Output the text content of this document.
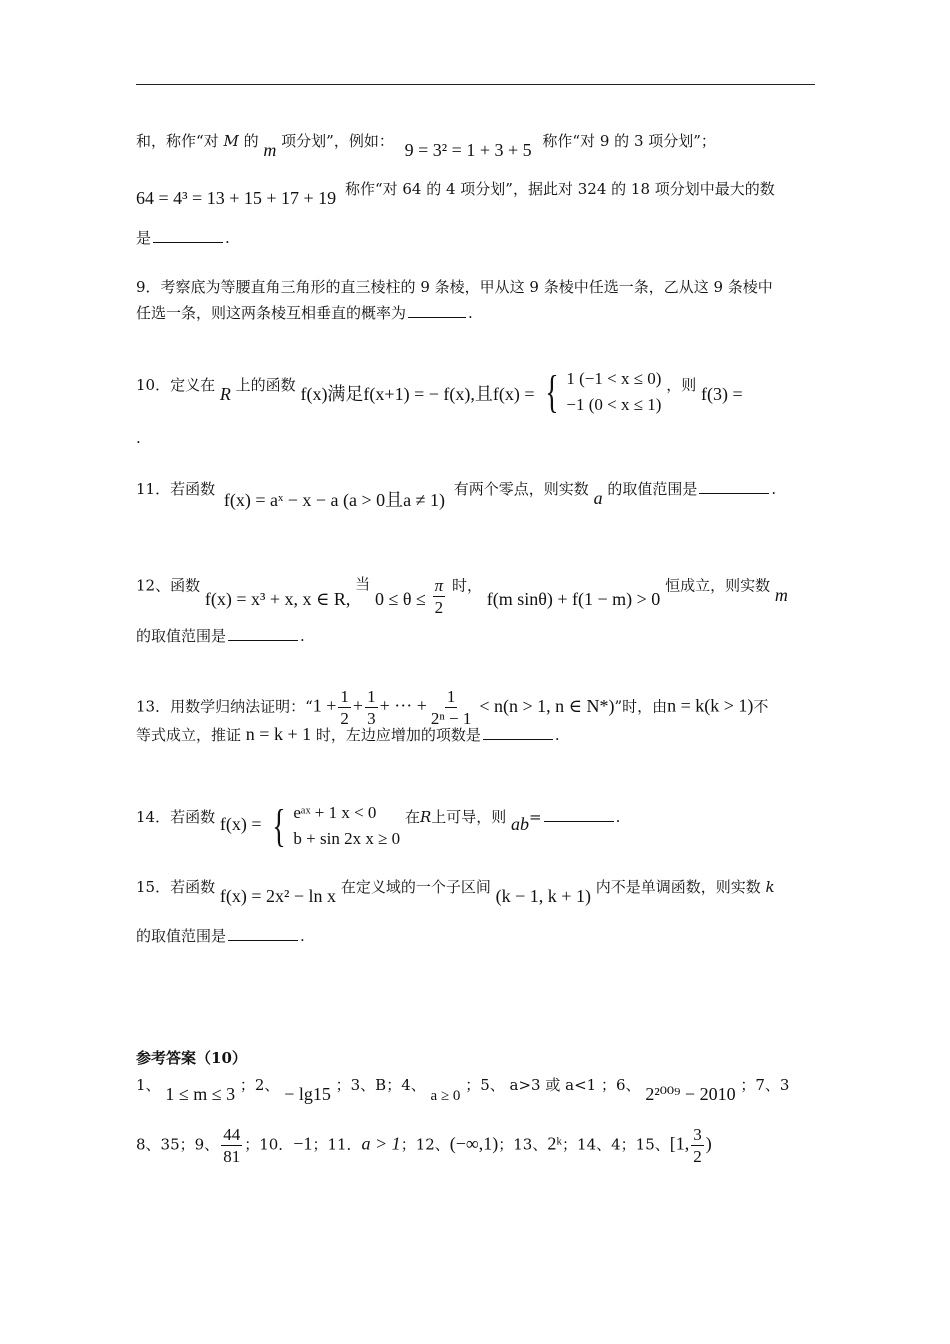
和，称作“对 M 的 m 项分划”，例如： 9 = 3² = 1 + 3 + 5 称作“对 9 的 3 项分划”；
64 = 4³ = 13 + 15 + 17 + 19 称作“对 64 的 4 项分划”，据此对 324 的 18 项分划中最大的数
是	.
9．考察底为等腰直角三角形的直三棱柱的 9 条棱，甲从这 9 条棱中任选一条，乙从这 9 条棱中
任选一条，则这两条棱互相垂直的概率为	.
10．定义在 R 上的函数 f(x)满足f(x+1) = − f(x),且f(x) = { 1 (−1 < x ≤ 0)
−1 (0 < x ≤ 1)
，则 f(3) =
.
11．若函数 f(x) = aˣ − x − a (a > 0且a ≠ 1) 有两个零点，则实数 a 的取值范围是	.
12、函数 f(x) = x³ + x, x ∈ R, 当 $0 \le \theta \le \frac{\pi}{2}$ 时， f(m sinθ) + f(1 − m) > 0 恒成立，则实数 m
的取值范围是	.
13．用数学归纳法证明：“$1 + \frac{1}{2} + \frac{1}{3}$ + ··· + $\frac{1}{\text{2ⁿ − 1}} < n(n > 1$, n ∈ N*)”时，由n = k(k > 1)不
等式成立，推证 n = k + 1 时，左边应增加的项数是	.
14．若函数 f(x) = { eᵃˣ + 1 x < 0
b + sin 2x x ≥ 0
在R上可导，则 ab=	.
15．若函数 f(x) = 2x² − ln x 在定义域的一个子区间 (k − 1, k + 1) 内不是单调函数，则实数 k
的取值范围是	.
参考答案（10）
1、 1 ≤ m ≤ 3 ；2、 − lg15 ；3、B；4、 a ≥ 0 ；5、 a>3 或 a<1 ；6、 2²⁰⁰⁹ − 2010 ；7、3
8、35；9、 $\frac{44}{81}$ ；10．−1；11．a > 1；12、(−∞,1)；13、2ᵏ；14、4；15、[1, $\frac{3}{2}$ )
